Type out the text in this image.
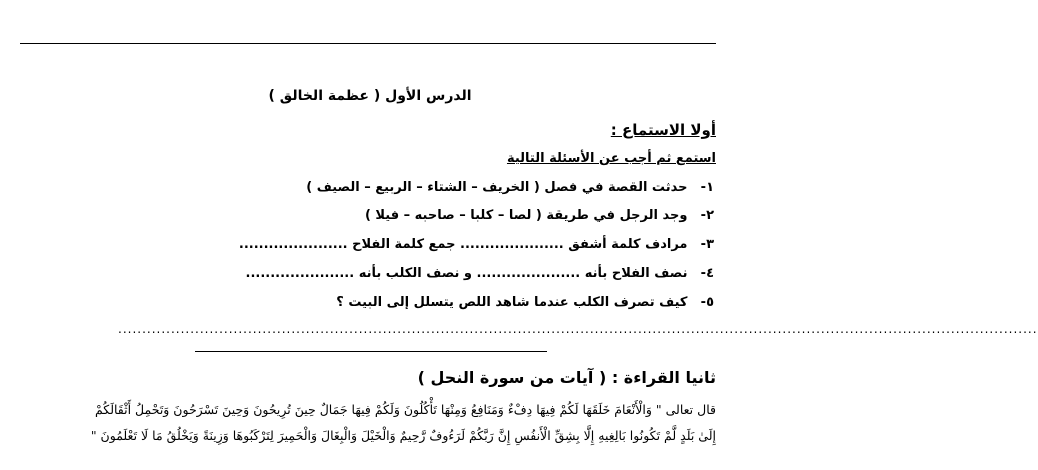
الدرس الأول ( عظمة الخالق )
أولا الاستماع :
استمع ثم أجب عن الأسئلة التالية
١- حدثت القصة في فصل ( الخريف – الشتاء – الربيع – الصيف )
٢- وجد الرجل في طريقة ( لصا – كلبا – صاحبه – فيلا )
٣- مرادف كلمة أشفق ..................... جمع كلمة الفلاح ......................
٤- نصف الفلاح بأنه ..................... و نصف الكلب بأنه ......................
٥- كيف تصرف الكلب عندما شاهد اللص يتسلل إلى البيت ؟
...............................................................................................................................................................................................
ثانيا القراءة : ( آيات من سورة النحل )
قال تعالى " وَالْأَنْعَامَ خَلَقَهَا لَكُمْ فِيهَا دِفْءٌ وَمَنَافِعُ وَمِنْهَا تَأْكُلُونَ وَلَكُمْ فِيهَا جَمَالٌ حِينَ تُرِيحُونَ وَحِينَ تَسْرَحُونَ وَتَحْمِلُ أَثْقَالَكُمْ
إِلَىٰ بَلَدٍ لَّمْ تَكُونُوا بَالِغِيهِ إِلَّا بِشِقِّ الْأَنفُسِ إِنَّ رَبَّكُمْ لَرَءُوفٌ رَّحِيمٌ وَالْخَيْلَ وَالْبِغَالَ وَالْحَمِيرَ لِتَرْكَبُوهَا وَزِينَةً وَيَخْلُقُ مَا لَا تَعْلَمُونَ "
